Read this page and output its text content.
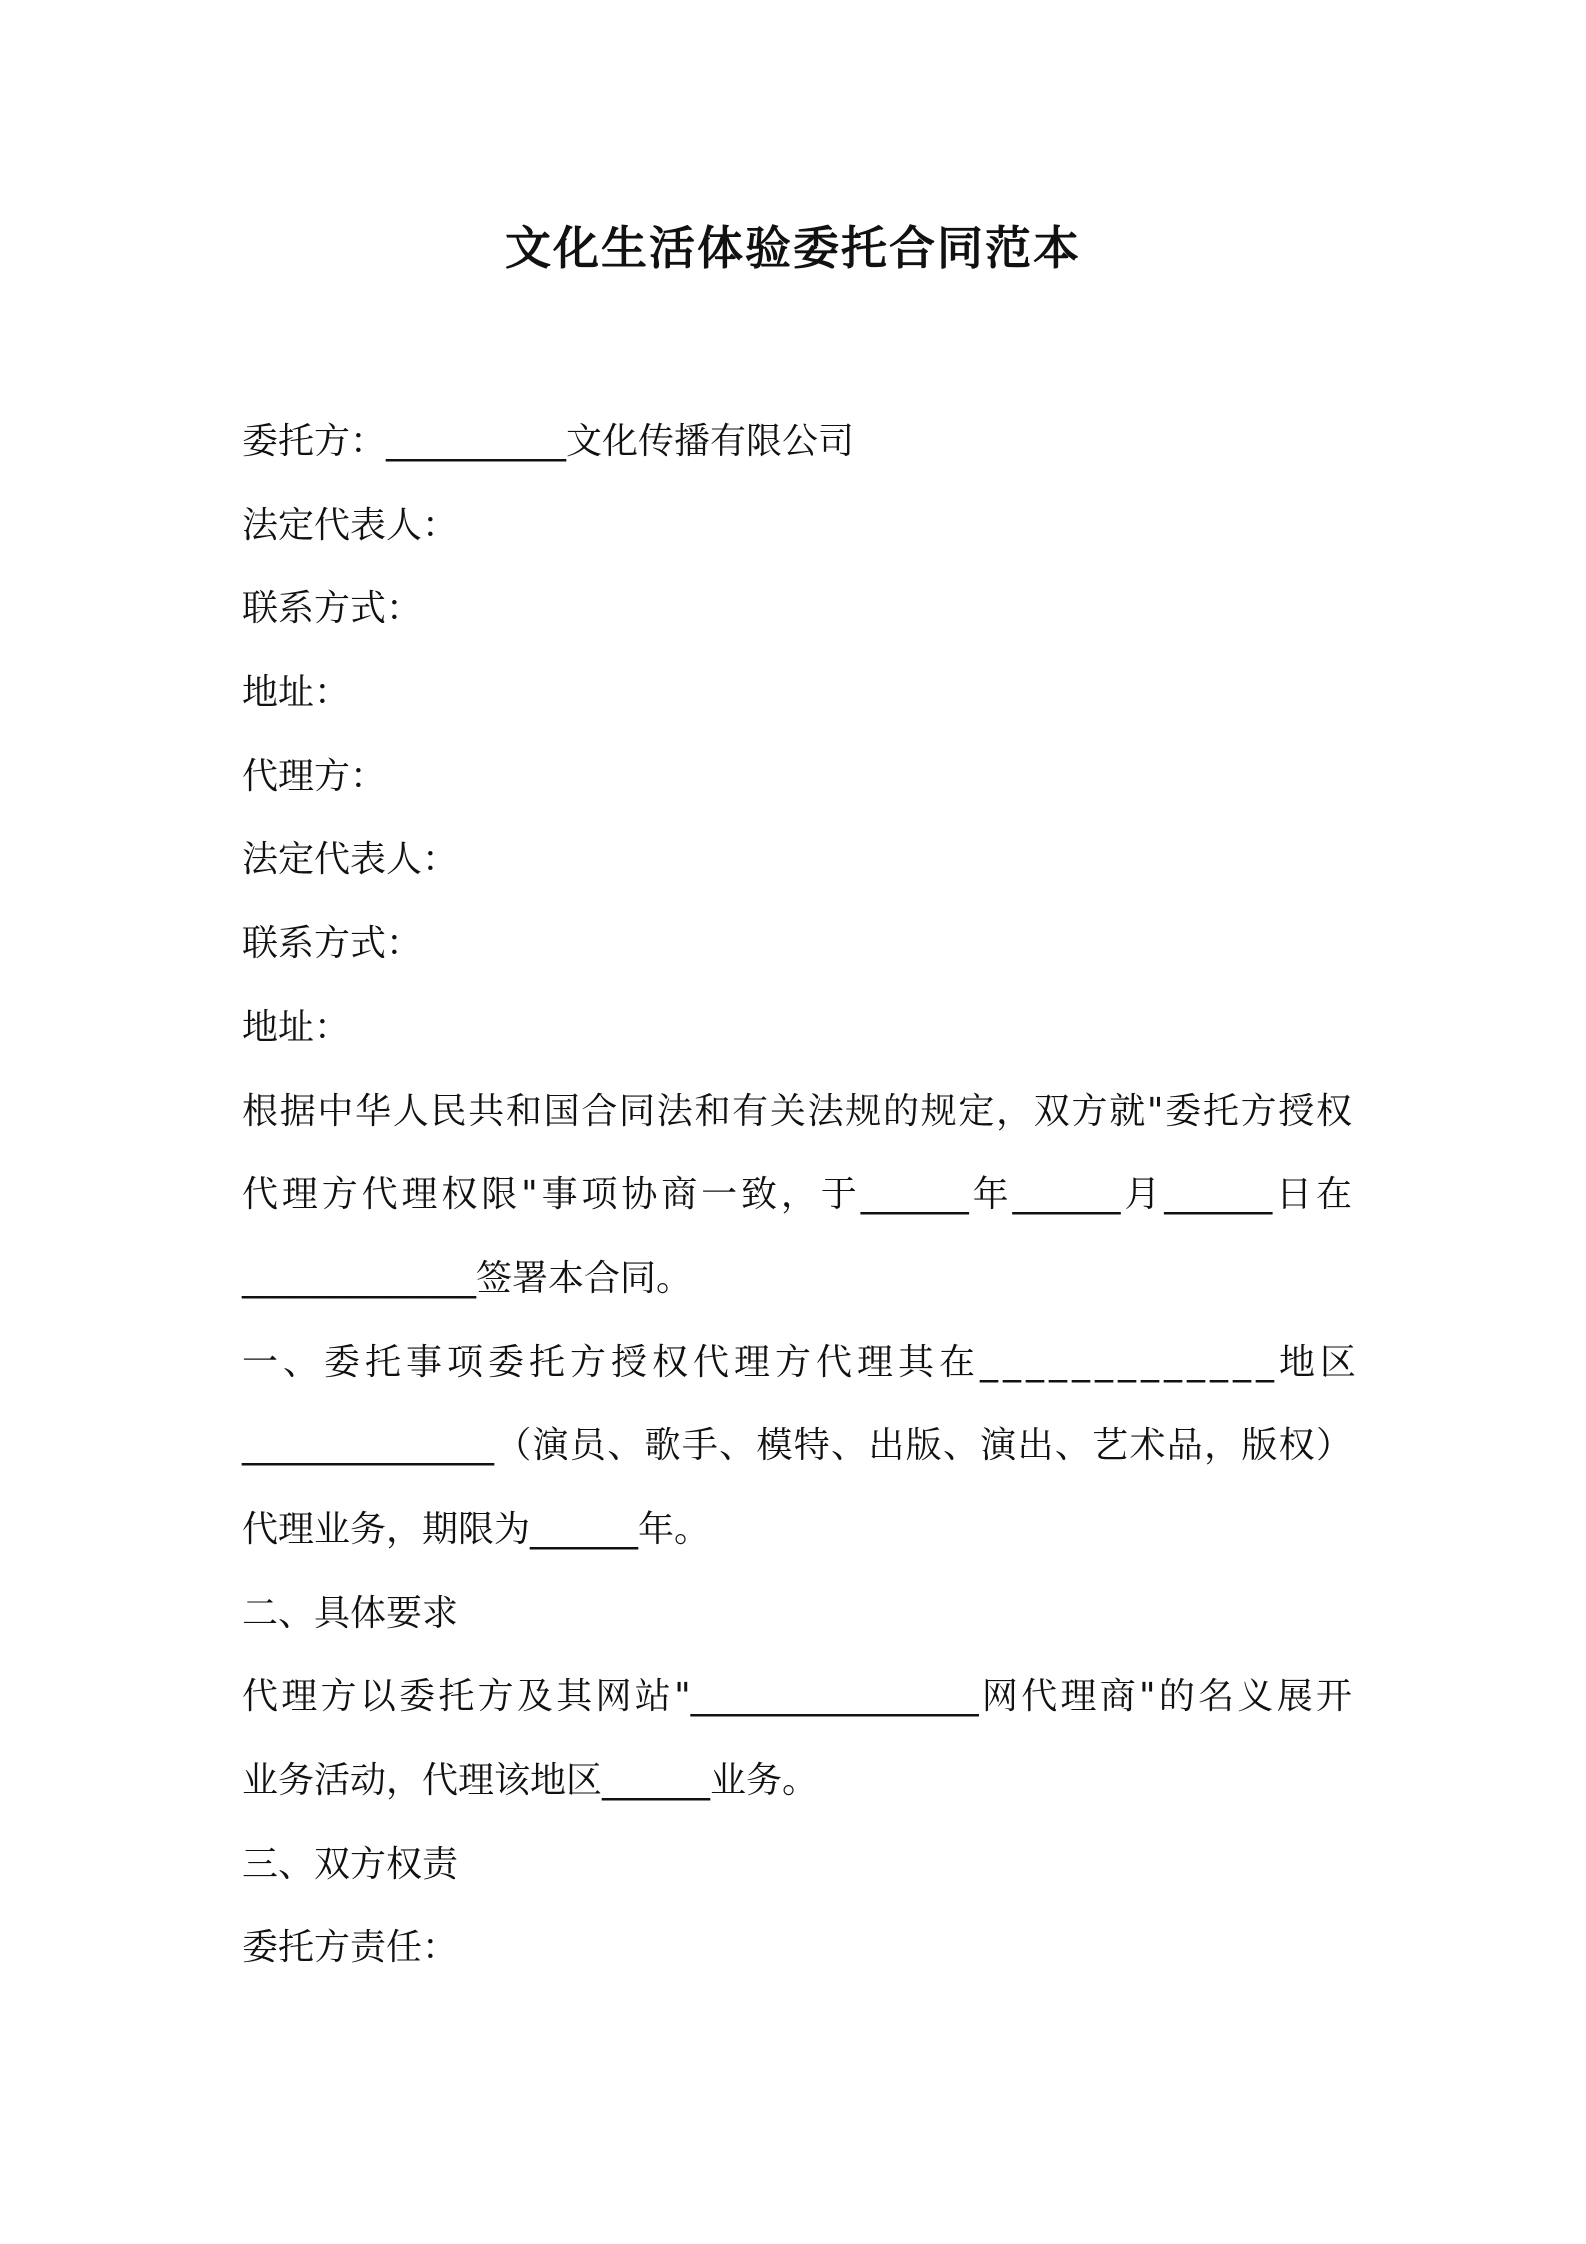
文化生活体验委托合同范本
委托方：__________文化传播有限公司
法定代表人：
联系方式：
地址：
代理方：
法定代表人：
联系方式：
地址：
根据中华人民共和国合同法和有关法规的规定，双方就"委托方授权
代理方代理权限"事项协商一致，于______年______月______日在
_____________签署本合同。
一、委托事项委托方授权代理方代理其在_____________地区
______________（演员、歌手、模特、出版、演出、艺术品，版权）
代理业务，期限为______年。
二、具体要求
代理方以委托方及其网站"________________网代理商"的名义展开
业务活动，代理该地区______业务。
三、双方权责
委托方责任：
